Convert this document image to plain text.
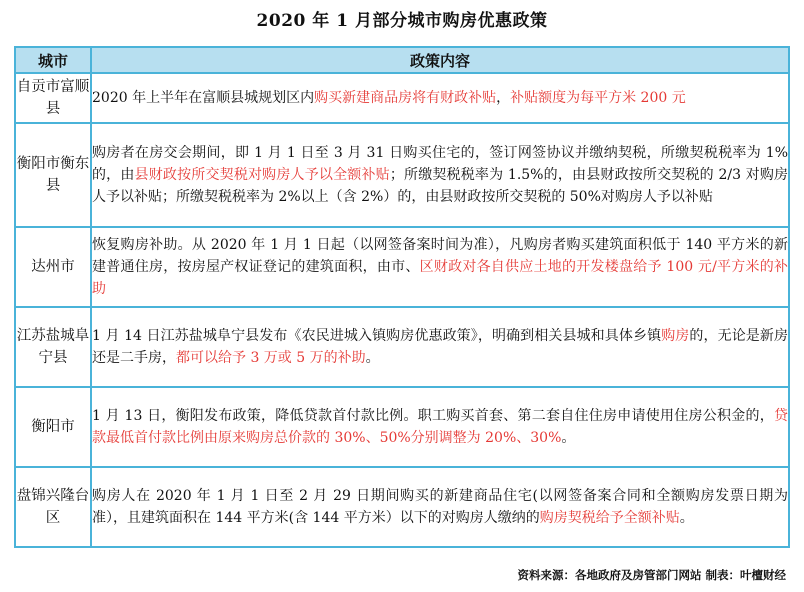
2020 年 1 月部分城市购房优惠政策
城市	政策内容
自贡市富顺县	2020 年上半年在富顺县城规划区内购买新建商品房将有财政补贴，补贴额度为每平方米 200 元
衡阳市衡东县	购房者在房交会期间，即 1 月 1 日至 3 月 31 日购买住宅的，签订网签协议并缴纳契税，所缴契税税率为 1%的，由县财政按所交契税对购房人予以全额补贴；所缴契税税率为 1.5%的，由县财政按所交契税的 2/3 对购房人予以补贴；所缴契税税率为 2%以上（含 2%）的，由县财政按所交契税的 50%对购房人予以补贴
达州市	恢复购房补助。从 2020 年 1 月 1 日起（以网签备案时间为准），凡购房者购买建筑面积低于 140 平方米的新建普通住房，按房屋产权证登记的建筑面积，由市、区财政对各自供应土地的开发楼盘给予 100 元/平方米的补助
江苏盐城阜宁县	1 月 14 日江苏盐城阜宁县发布《农民进城入镇购房优惠政策》，明确到相关县城和具体乡镇购房的，无论是新房还是二手房，都可以给予 3 万或 5 万的补助。
衡阳市	1 月 13 日，衡阳发布政策，降低贷款首付款比例。职工购买首套、第二套自住住房申请使用住房公积金的，贷款最低首付款比例由原来购房总价款的 30%、50%分别调整为 20%、30%。
盘锦兴隆台区	购房人在 2020 年 1 月 1 日至 2 月 29 日期间购买的新建商品住宅(以网签备案合同和全额购房发票日期为准），且建筑面积在 144 平方米(含 144 平方米）以下的对购房人缴纳的购房契税给予全额补贴。
资料来源：各地政府及房管部门网站 制表：叶檀财经
